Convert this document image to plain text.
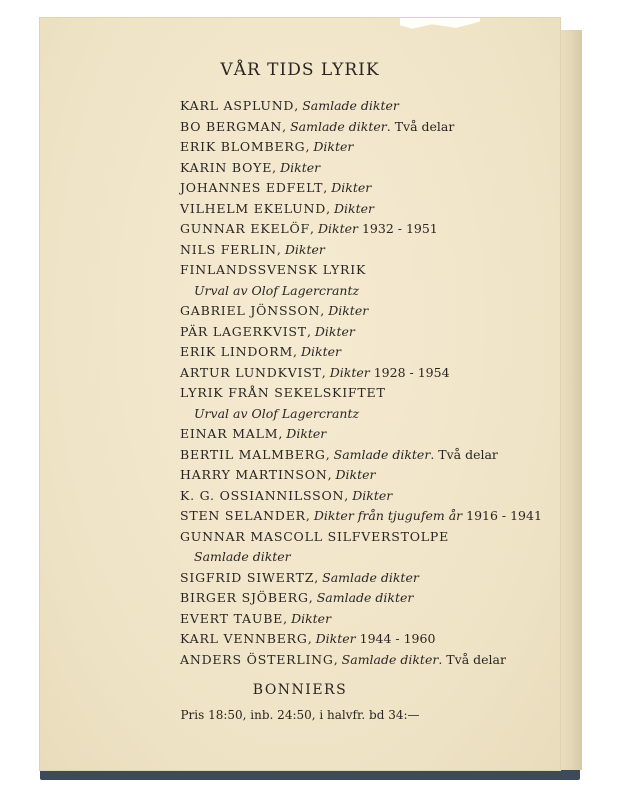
VÅR TIDS LYRIK
KARL ASPLUND, Samlade dikter
BO BERGMAN, Samlade dikter. Två delar
ERIK BLOMBERG, Dikter
KARIN BOYE, Dikter
JOHANNES EDFELT, Dikter
VILHELM EKELUND, Dikter
GUNNAR EKELÖF, Dikter 1932 - 1951
NILS FERLIN, Dikter
FINLANDSSVENSK LYRIK
Urval av Olof Lagercrantz
GABRIEL JÖNSSON, Dikter
PÄR LAGERKVIST, Dikter
ERIK LINDORM, Dikter
ARTUR LUNDKVIST, Dikter 1928 - 1954
LYRIK FRÅN SEKELSKIFTET
Urval av Olof Lagercrantz
EINAR MALM, Dikter
BERTIL MALMBERG, Samlade dikter. Två delar
HARRY MARTINSON, Dikter
K. G. OSSIANNILSSON, Dikter
STEN SELANDER, Dikter från tjugufem år 1916 - 1941
GUNNAR MASCOLL SILFVERSTOLPE
Samlade dikter
SIGFRID SIWERTZ, Samlade dikter
BIRGER SJÖBERG, Samlade dikter
EVERT TAUBE, Dikter
KARL VENNBERG, Dikter 1944 - 1960
ANDERS ÖSTERLING, Samlade dikter. Två delar
BONNIERS
Pris 18:50, inb. 24:50, i halvfr. bd 34:—
